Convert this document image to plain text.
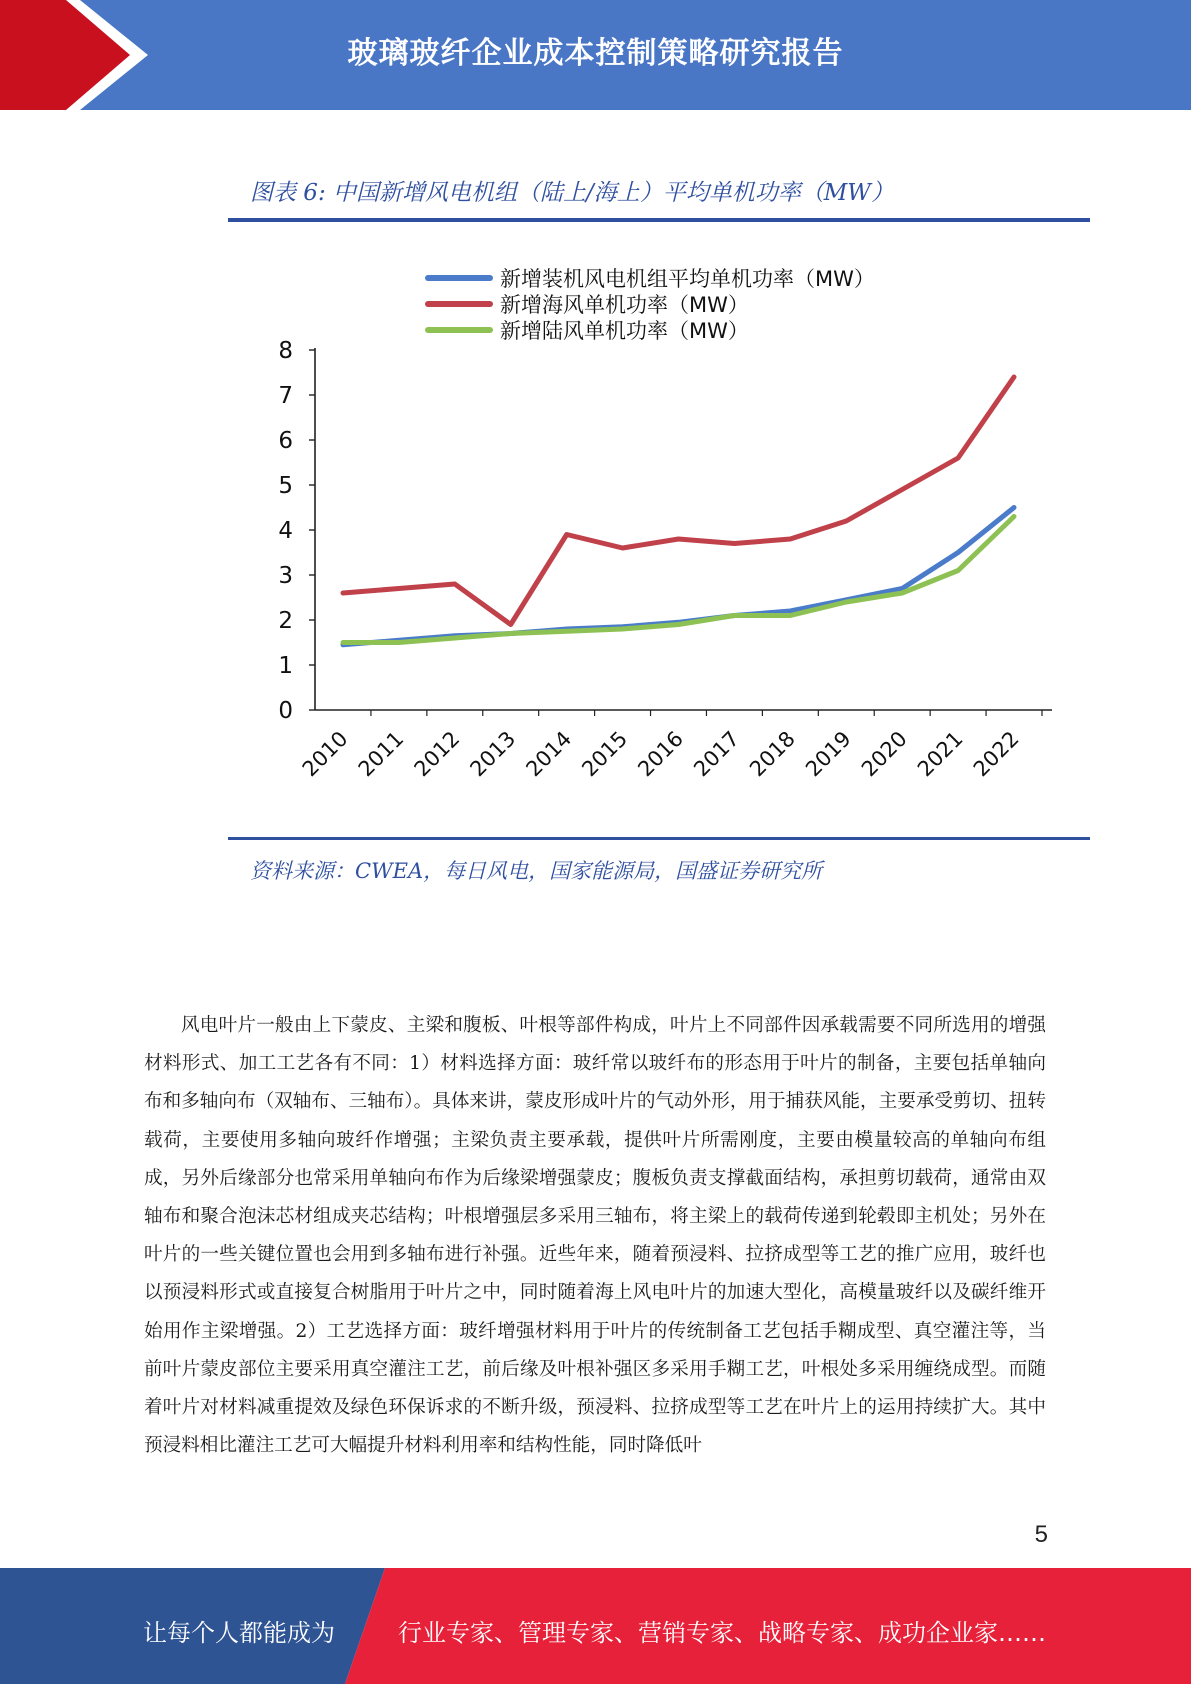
玻璃玻纤企业成本控制策略研究报告
图表 6: 中国新增风电机组（陆上/海上）平均单机功率（MW）
新增装机风电机组平均单机功率（MW）
新增海风单机功率（MW）
新增陆风单机功率（MW）
0
1
2
3
4
5
6
7
8
2010 2011 2012 2013 2014 2015 2016 2017 2018 2019 2020 2021 2022
资料来源：CWEA，每日风电，国家能源局，国盛证券研究所
风电叶片一般由上下蒙皮、主梁和腹板、叶根等部件构成，叶片上不同部件因承载需要不同所选用的增强材料形式、加工工艺各有不同：1）材料选择方面：玻纤常以玻纤布的形态用于叶片的制备，主要包括单轴向布和多轴向布（双轴布、三轴布）。具体来讲，蒙皮形成叶片的气动外形，用于捕获风能，主要承受剪切、扭转载荷，主要使用多轴向玻纤作增强；主梁负责主要承载，提供叶片所需刚度，主要由模量较高的单轴向布组成，另外后缘部分也常采用单轴向布作为后缘梁增强蒙皮；腹板负责支撑截面结构，承担剪切载荷，通常由双轴布和聚合泡沫芯材组成夹芯结构；叶根增强层多采用三轴布，将主梁上的载荷传递到轮毂即主机处；另外在叶片的一些关键位置也会用到多轴布进行补强。近些年来，随着预浸料、拉挤成型等工艺的推广应用，玻纤也以预浸料形式或直接复合树脂用于叶片之中，同时随着海上风电叶片的加速大型化，高模量玻纤以及碳纤维开始用作主梁增强。2）工艺选择方面：玻纤增强材料用于叶片的传统制备工艺包括手糊成型、真空灌注等，当前叶片蒙皮部位主要采用真空灌注工艺，前后缘及叶根补强区多采用手糊工艺，叶根处多采用缠绕成型。而随着叶片对材料减重提效及绿色环保诉求的不断升级，预浸料、拉挤成型等工艺在叶片上的运用持续扩大。其中预浸料相比灌注工艺可大幅提升材料利用率和结构性能，同时降低叶
5
让每个人都能成为	行业专家、管理专家、营销专家、战略专家、成功企业家……
